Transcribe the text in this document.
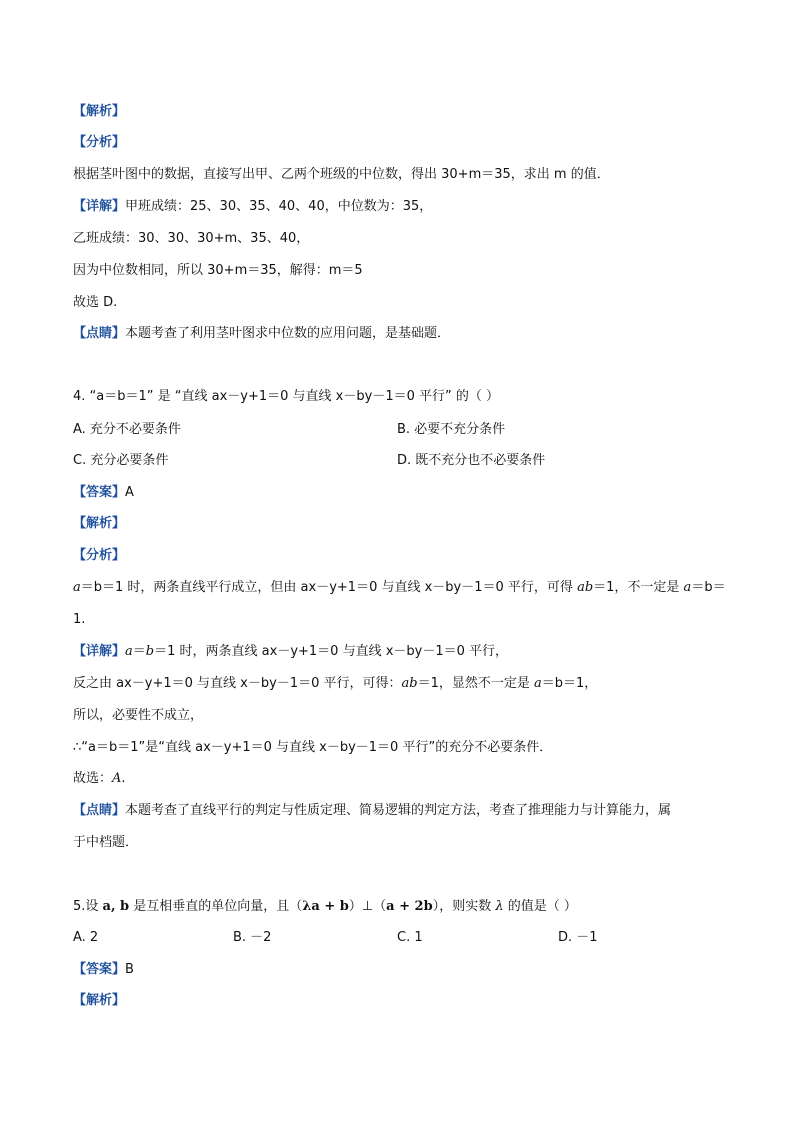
【解析】
【分析】
根据茎叶图中的数据，直接写出甲、乙两个班级的中位数，得出 30+m＝35，求出 m 的值．
【详解】甲班成绩：25、30、35、40、40，中位数为：35，
乙班成绩：30、30、30+m、35、40，
因为中位数相同，所以 30+m＝35，解得：m＝5
故选 D.
【点睛】本题考查了利用茎叶图求中位数的应用问题，是基础题．
4. “a＝b＝1” 是 “直线 ax－y+1＝0 与直线 x－by－1＝0 平行” 的（ ）
A. 充分不必要条件	B. 必要不充分条件
C. 充分必要条件	D. 既不充分也不必要条件
【答案】A
【解析】
【分析】
a＝b＝1 时，两条直线平行成立，但由 ax－y+1＝0 与直线 x－by－1＝0 平行，可得 ab＝1，不一定是 a＝b＝
1.
【详解】a＝b＝1 时，两条直线 ax－y+1＝0 与直线 x－by－1＝0 平行，
反之由 ax－y+1＝0 与直线 x－by－1＝0 平行，可得：ab＝1，显然不一定是 a＝b＝1，
所以，必要性不成立，
∴“a＝b＝1”是“直线 ax－y+1＝0 与直线 x－by－1＝0 平行”的充分不必要条件．
故选：A.
【点睛】本题考查了直线平行的判定与性质定理、简易逻辑的判定方法，考查了推理能力与计算能力，属
于中档题．
5.设 a, b 是互相垂直的单位向量，且（λa + b）⊥（a + 2b），则实数 λ 的值是（ ）
A. 2	B. －2	C. 1	D. －1
【答案】B
【解析】
